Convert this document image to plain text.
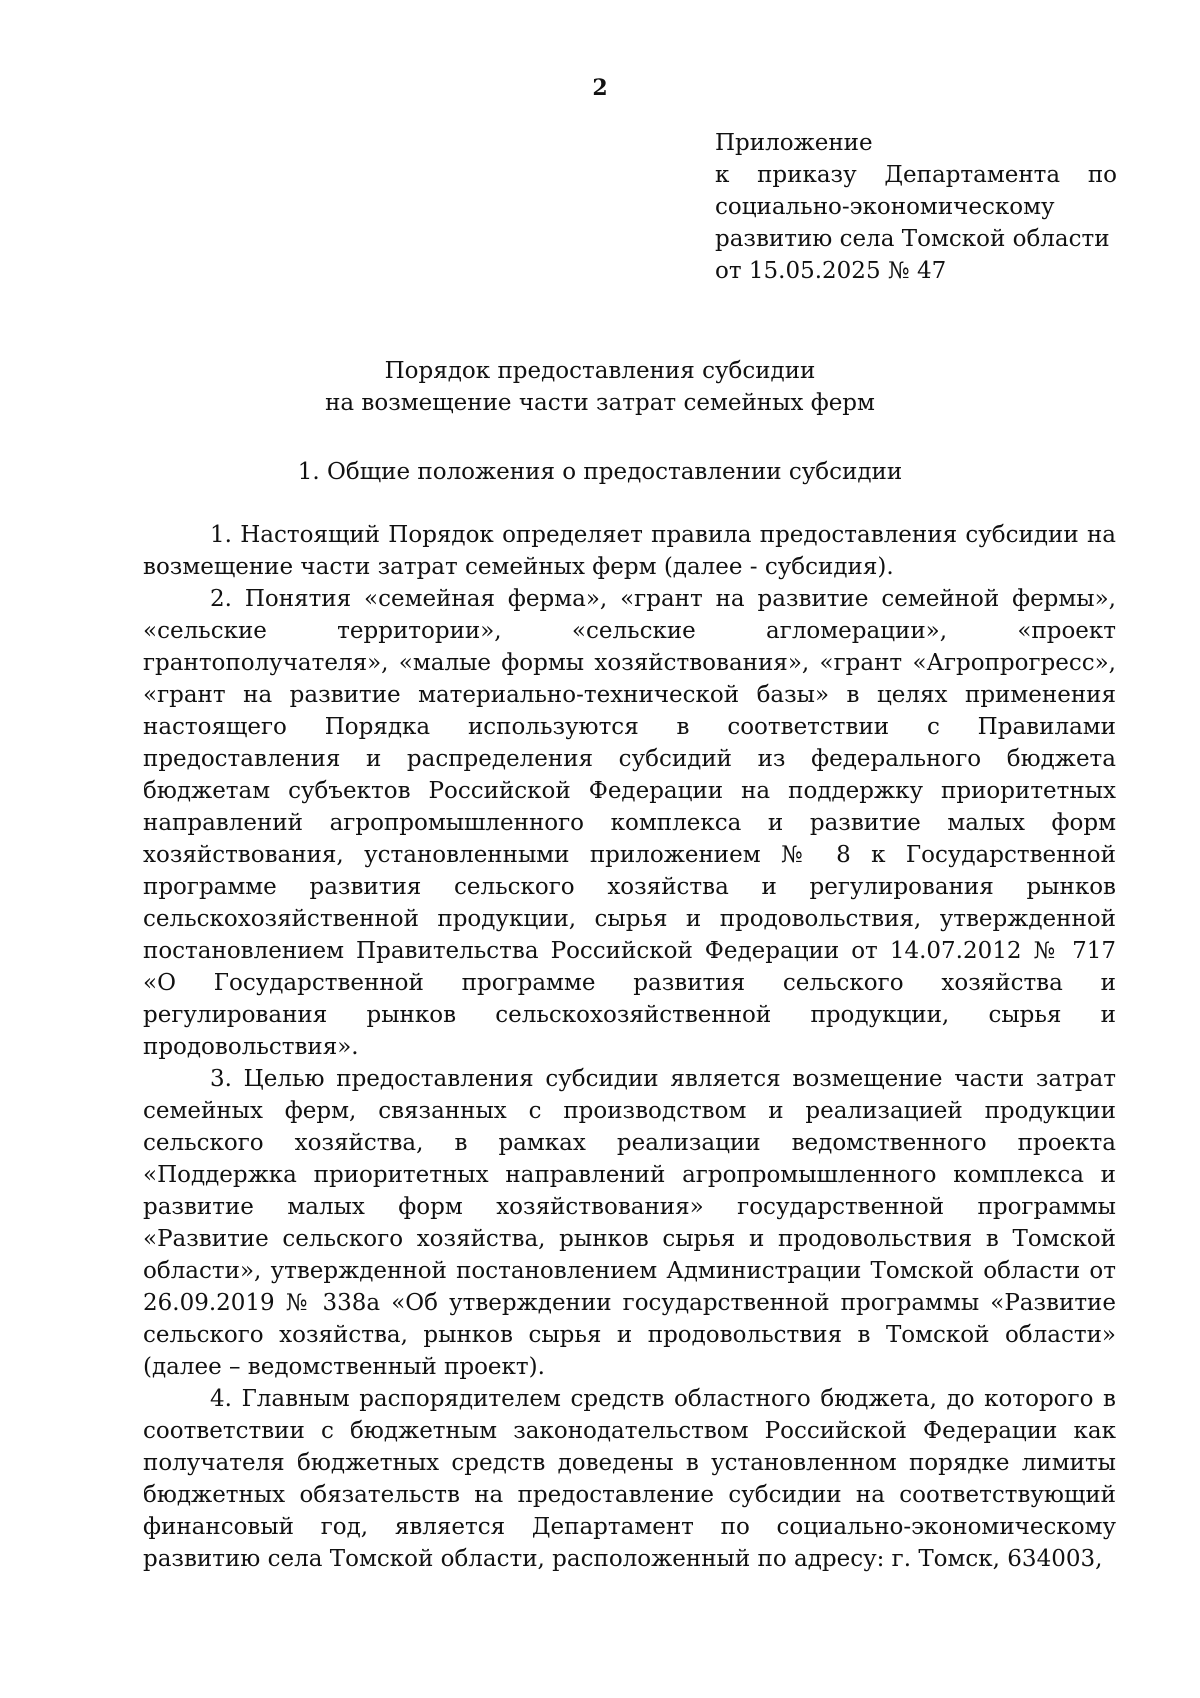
2
Приложение
к приказу Департамента по
социально-экономическому
развитию села Томской области
от 15.05.2025 № 47
Порядок предоставления субсидии
на возмещение части затрат семейных ферм
1. Общие положения о предоставлении субсидии

1. Настоящий Порядок определяет правила предоставления субсидии на возмещение части затрат семейных ферм (далее - субсидия).

2. Понятия «семейная ферма», «грант на развитие семейной фермы», «сельские территории», «сельские агломерации», «проект грантополучателя», «малые формы хозяйствования», «грант «Агропрогресс», «грант на развитие материально-технической базы» в целях применения настоящего Порядка используются в соответствии с Правилами предоставления и распределения субсидий из федерального бюджета бюджетам субъектов Российской Федерации на поддержку приоритетных направлений агропромышленного комплекса и развитие малых форм хозяйствования, установленными приложением № 8 к Государственной программе развития сельского хозяйства и регулирования рынков сельскохозяйственной продукции, сырья и продовольствия, утвержденной постановлением Правительства Российской Федерации от 14.07.2012 № 717 «О Государственной программе развития сельского хозяйства и регулирования рынков сельскохозяйственной продукции, сырья и продовольствия».

3. Целью предоставления субсидии является возмещение части затрат семейных ферм, связанных с производством и реализацией продукции сельского хозяйства, в рамках реализации ведомственного проекта «Поддержка приоритетных направлений агропромышленного комплекса и развитие малых форм хозяйствования» государственной программы «Развитие сельского хозяйства, рынков сырья и продовольствия в Томской области», утвержденной постановлением Администрации Томской области от 26.09.2019 № 338а «Об утверждении государственной программы «Развитие сельского хозяйства, рынков сырья и продовольствия в Томской области» (далее – ведомственный проект).

4. Главным распорядителем средств областного бюджета, до которого в соответствии с бюджетным законодательством Российской Федерации как получателя бюджетных средств доведены в установленном порядке лимиты бюджетных обязательств на предоставление субсидии на соответствующий финансовый год, является Департамент по социально-экономическому развитию села Томской области, расположенный по адресу: г. Томск, 634003,
